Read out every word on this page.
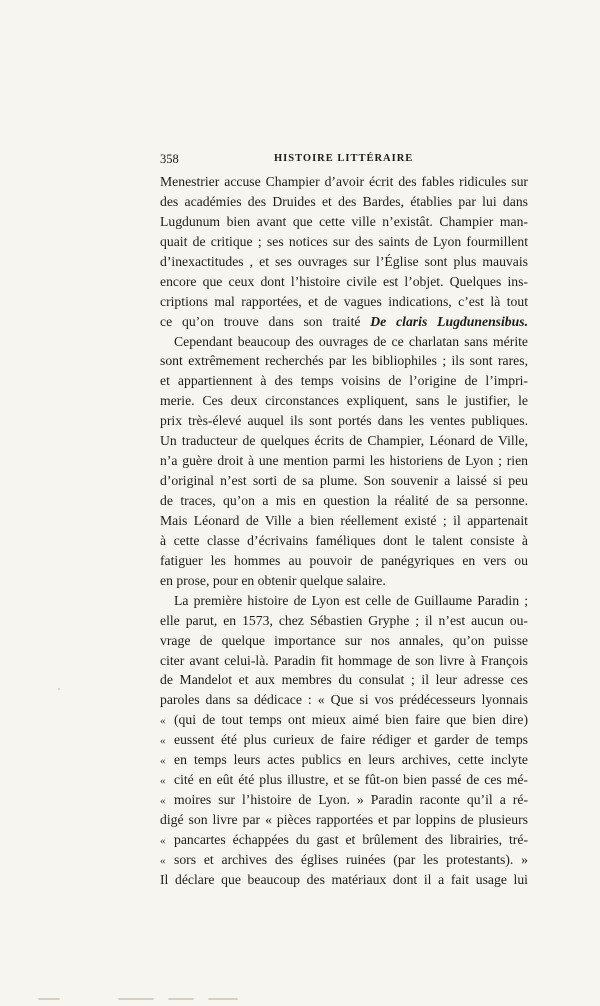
358	HISTOIRE LITTÉRAIRE
Menestrier accuse Champier d’avoir écrit des fables ridicules sur
des académies des Druides et des Bardes, établies par lui dans
Lugdunum bien avant que cette ville n’existât. Champier man-
quait de critique ; ses notices sur des saints de Lyon fourmillent
d’inexactitudes , et ses ouvrages sur l’Église sont plus mauvais
encore que ceux dont l’histoire civile est l’objet. Quelques ins-
criptions mal rapportées, et de vagues indications, c’est là tout
ce qu’on trouve dans son traité De claris Lugdunensibus.
Cependant beaucoup des ouvrages de ce charlatan sans mérite
sont extrêmement recherchés par les bibliophiles ; ils sont rares,
et appartiennent à des temps voisins de l’origine de l’impri-
merie. Ces deux circonstances expliquent, sans le justifier, le
prix très-élevé auquel ils sont portés dans les ventes publiques.
Un traducteur de quelques écrits de Champier, Léonard de Ville,
n’a guère droit à une mention parmi les historiens de Lyon ; rien
d’original n’est sorti de sa plume. Son souvenir a laissé si peu
de traces, qu’on a mis en question la réalité de sa personne.
Mais Léonard de Ville a bien réellement existé ; il appartenait
à cette classe d’écrivains faméliques dont le talent consiste à
fatiguer les hommes au pouvoir de panégyriques en vers ou
en prose, pour en obtenir quelque salaire.
La première histoire de Lyon est celle de Guillaume Paradin ;
elle parut, en 1573, chez Sébastien Gryphe ; il n’est aucun ou-
vrage de quelque importance sur nos annales, qu’on puisse
citer avant celui-là. Paradin fit hommage de son livre à François
de Mandelot et aux membres du consulat ; il leur adresse ces
paroles dans sa dédicace : « Que si vos prédécesseurs lyonnais
« (qui de tout temps ont mieux aimé bien faire que bien dire)
« eussent été plus curieux de faire rédiger et garder de temps
« en temps leurs actes publics en leurs archives, cette inclyte
« cité en eût été plus illustre, et se fût-on bien passé de ces mé-
« moires sur l’histoire de Lyon. » Paradin raconte qu’il a ré-
digé son livre par « pièces rapportées et par loppins de plusieurs
« pancartes échappées du gast et brûlement des librairies, tré-
« sors et archives des églises ruinées (par les protestants). »
Il déclare que beaucoup des matériaux dont il a fait usage lui
